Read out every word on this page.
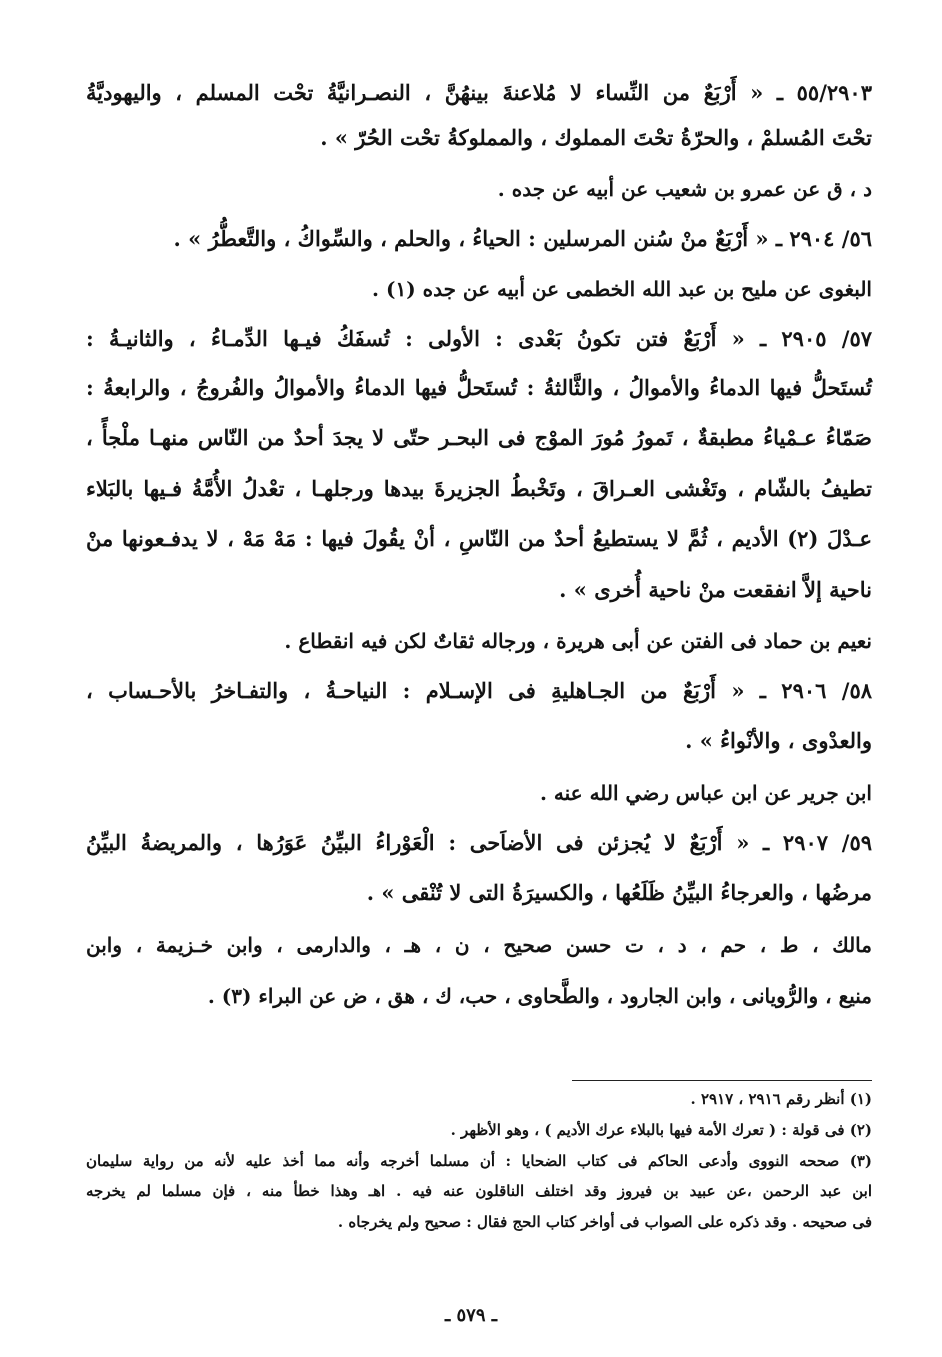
٥٥/٢٩٠٣ ـ « أَرْبَعٌ من النِّساء لا مُلاعنةَ بينهُنَّ ، النصـرانيَّةُ تحْت المسلم ، واليهوديَّةُ
تحْتَ المُسلمْ ، والحرّةُ تحْتَ المملوك ، والمملوكةُ تحْت الحُرّ » .
د ، ق عن عمرو بن شعيب عن أبيه عن جده .
٥٦/ ٢٩٠٤ ـ « أَرْبَعٌ منْ سُنن المرسلين : الحياءُ ، والحلم ، والسِّواكُ ، والتَّعطُّرُ » .
البغوى عن مليح بن عبد الله الخطمى عن أبيه عن جده (١) .
٥٧/ ٢٩٠٥ ـ « أَرْبَعٌ فتن تكونُ بَعْدى : الأولى : تُسفَكُ فيـها الدِّمـاءُ ، والثانيـةُ :
تُستَحلُّ فيها الدماءُ والأموالُ ، والثَّالثةُ : تُستَحلُّ فيها الدماءُ والأموالُ والفُروجُ ، والرابعةُ :
صَمّاءُ عـمْياءُ مطبقةٌ ، تَمورُ مُورَ الموْج فى البحـر حتّى لا يجدَ أحدٌ من النّاس منهـا ملْجأً ،
تطيفُ بالشّام ، وتَغْشى العـراقَ ، وتَخْبطُ الجزيرةَ بيدها ورجلهـا ، تعْدلُ الأُمَّةُ فـيها بالبَلاء
عـدْلَ (٢) الأديم ، ثُمَّ لا يستطيعُ أحدٌ من النّاسِ ، أنْ يقُولَ فيها : مَهْ مَهْ ، لا يدفـعونها منْ
ناحية إلاَّ انفقعت منْ ناحية أُخرى » .
نعيم بن حماد فى الفتن عن أبى هريرة ، ورجاله ثقاتٌ لكن فيه انقطاع .
٥٨/ ٢٩٠٦ ـ « أَرْبَعٌ من الجـاهليةِ فى الإسـلام : النياحـةُ ، والتفـاخرُ بالأحـساب ،
والعدْوى ، والأنْواءُ » .
ابن جرير عن ابن عباس رضي الله عنه .
٥٩/ ٢٩٠٧ ـ « أَرْبَعٌ لا يُجزئن فى الأضاَحى : الْعَوْراءُ البيِّنُ عَوَرُها ، والمريضةُ البيِّنُ
مرضُها ، والعرجاءُ البيِّنُ ظَلَعُها ، والكسيرَةُ التى لا تُنْقى » .
مالك ، ط ، حم ، د ، ت حسن صحيح ، ن ، هـ ، والدارمى ، وابن خـزيمة ، وابن
منيع ، والرُّويانى ، وابن الجارود ، والطَّحاوى ، حب، ك ، هق ، ض عن البراء (٣) .
(١) أنظر رقم ٢٩١٦ ، ٢٩١٧ .
(٢) فى قولة : ( تعرك الأمة فيها بالبلاء عرك الأديم ) ، وهو الأظهر .
(٣) صححه النووى وأدعى الحاكم فى كتاب الضحايا : أن مسلما أخرجه وأنه مما أخذ عليه لأنه من رواية سليمان
ابن عبد الرحمن ،عن عبيد بن فيروز وقد اختلف الناقلون عنه فيه . اهـ وهذا خطأ منه ، فإن مسلما لم يخرجه
فى صحيحه . وقد ذكره على الصواب فى أواخر كتاب الحج فقال : صحيح ولم يخرجاه .
ـ ٥٧٩ ـ
